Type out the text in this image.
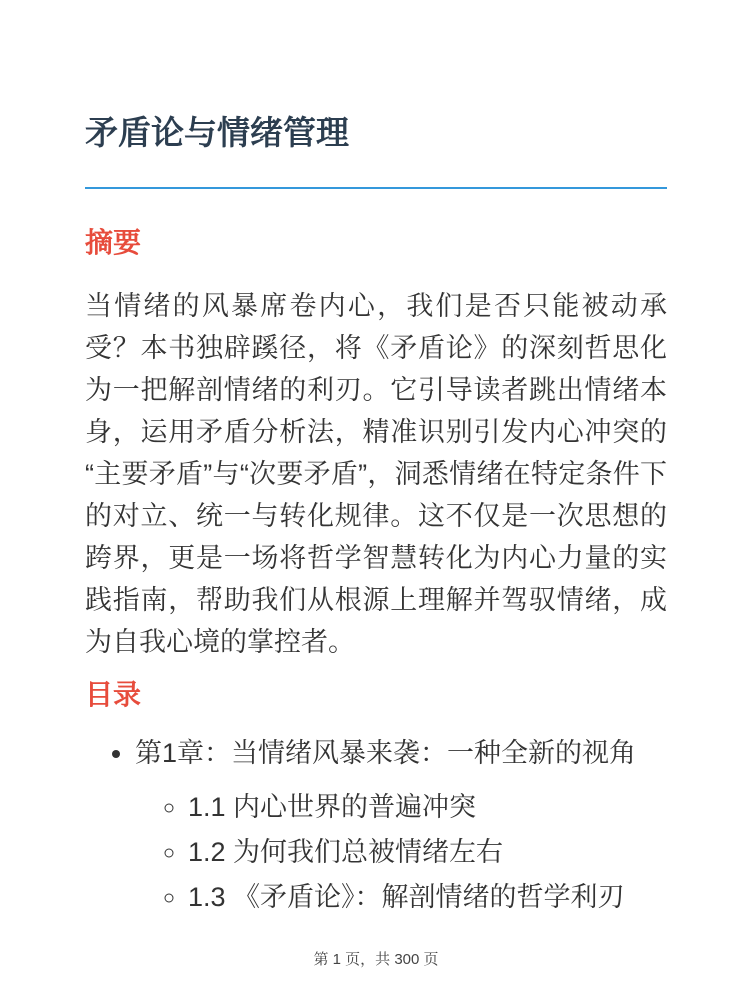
矛盾论与情绪管理
摘要

当情绪的风暴席卷内心，我们是否只能被动承受？本书独辟蹊径，将《矛盾论》的深刻哲思化为一把解剖情绪的利刃。它引导读者跳出情绪本身，运用矛盾分析法，精准识别引发内心冲突的“主要矛盾”与“次要矛盾”，洞悉情绪在特定条件下的对立、统一与转化规律。这不仅是一次思想的跨界，更是一场将哲学智慧转化为内心力量的实践指南，帮助我们从根源上理解并驾驭情绪，成为自我心境的掌控者。

目录
• 第1章：当情绪风暴来袭：一种全新的视角
◦ 1.1 内心世界的普遍冲突
◦ 1.2 为何我们总被情绪左右
◦ 1.3 《矛盾论》：解剖情绪的哲学利刃
第 1 页，共 300 页
